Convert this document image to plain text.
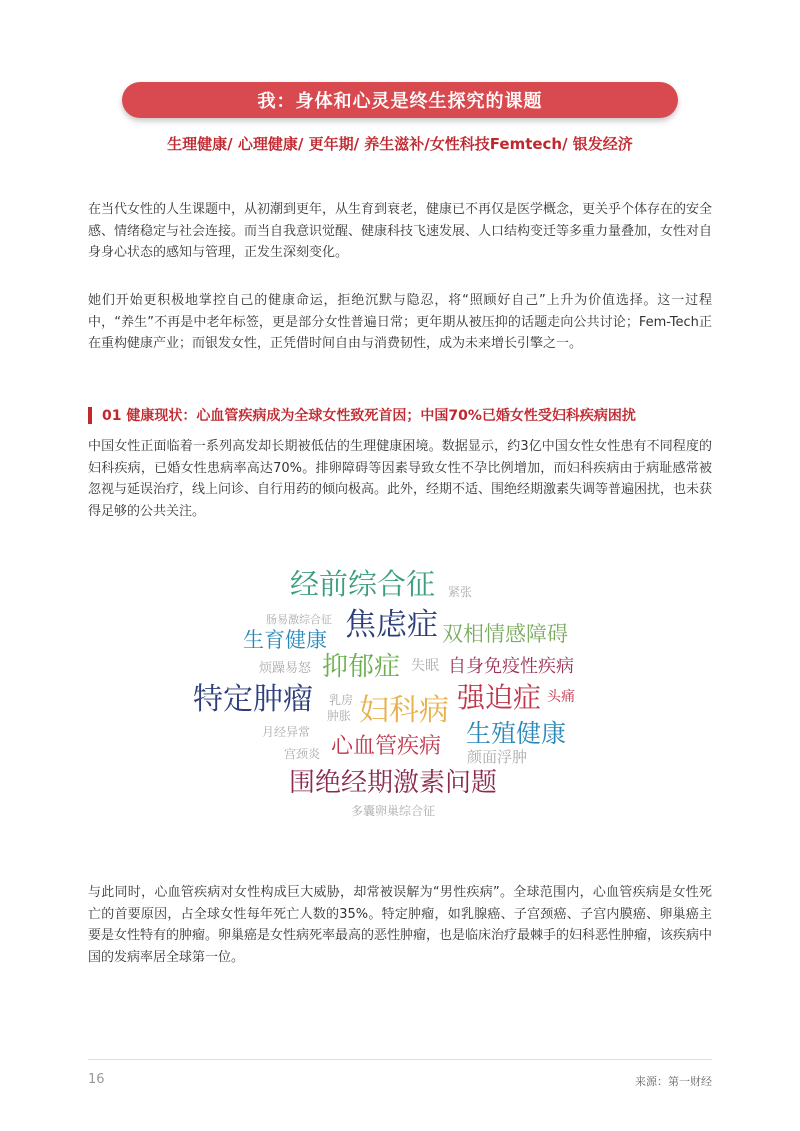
我：身体和心灵是终生探究的课题
生理健康/ 心理健康/ 更年期/ 养生滋补/女性科技Femtech/ 银发经济

在当代女性的人生课题中，从初潮到更年，从生育到衰老，健康已不再仅是医学概念，更关乎个体存在的安全感、情绪稳定与社会连接。而当自我意识觉醒、健康科技飞速发展、人口结构变迁等多重力量叠加，女性对自身身心状态的感知与管理，正发生深刻变化。

她们开始更积极地掌控自己的健康命运，拒绝沉默与隐忍，将“照顾好自己”上升为价值选择。这一过程中，“养生”不再是中老年标签，更是部分女性普遍日常；更年期从被压抑的话题走向公共讨论；Fem-Tech正在重构健康产业；而银发女性，正凭借时间自由与消费韧性，成为未来增长引擎之一。

01 健康现状：心血管疾病成为全球女性致死首因；中国70%已婚女性受妇科疾病困扰

中国女性正面临着一系列高发却长期被低估的生理健康困境。数据显示，约3亿中国女性女性患有不同程度的妇科疾病，已婚女性患病率高达70%。排卵障碍等因素导致女性不孕比例增加，而妇科疾病由于病耻感常被忽视与延误治疗，线上问诊、自行用药的倾向极高。此外，经期不适、围绝经期激素失调等普遍困扰，也未获得足够的公共关注。

经前综合征 紧张
肠易激综合征 焦虑症
生育健康	双相情感障碍
烦躁易怒 抑郁症 失眠 自身免疫性疾病
特定肿瘤 乳房
肿胀 妇科病 强迫症 头痛
月经异常	生殖健康
宫颈炎 心血管疾病 颜面浮肿
围绝经期激素问题
多囊卵巢综合征

与此同时，心血管疾病对女性构成巨大威胁，却常被误解为“男性疾病”。全球范围内，心血管疾病是女性死亡的首要原因，占全球女性每年死亡人数的35%。特定肿瘤，如乳腺癌、子宫颈癌、子宫内膜癌、卵巢癌主要是女性特有的肿瘤。卵巢癌是女性病死率最高的恶性肿瘤，也是临床治疗最棘手的妇科恶性肿瘤，该疾病中国的发病率居全球第一位。

16	来源：第一财经
